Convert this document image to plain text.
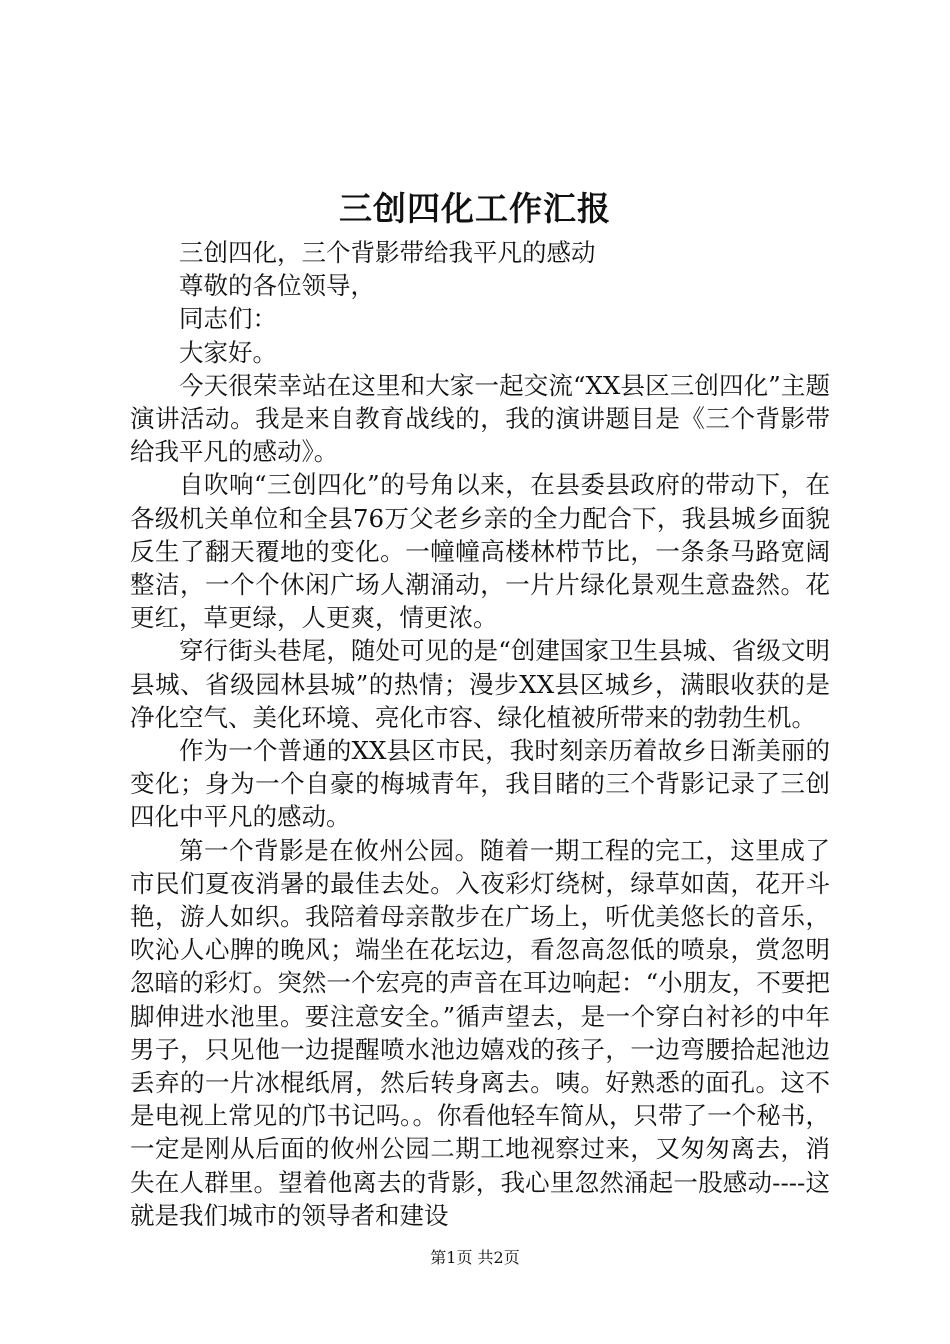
三创四化工作汇报

三创四化，三个背影带给我平凡的感动

尊敬的各位领导，

同志们：

大家好。

今天很荣幸站在这里和大家一起交流“XX县区三创四化”主题演讲活动。我是来自教育战线的，我的演讲题目是《三个背影带给我平凡的感动》。

自吹响“三创四化”的号角以来，在县委县政府的带动下，在各级机关单位和全县76万父老乡亲的全力配合下，我县城乡面貌反生了翻天覆地的变化。一幢幢高楼林栉节比，一条条马路宽阔整洁，一个个休闲广场人潮涌动，一片片绿化景观生意盎然。花更红，草更绿，人更爽，情更浓。

穿行街头巷尾，随处可见的是“创建国家卫生县城、省级文明县城、省级园林县城”的热情；漫步XX县区城乡，满眼收获的是净化空气、美化环境、亮化市容、绿化植被所带来的勃勃生机。

作为一个普通的XX县区市民，我时刻亲历着故乡日渐美丽的变化；身为一个自豪的梅城青年，我目睹的三个背影记录了三创四化中平凡的感动。

第一个背影是在攸州公园。随着一期工程的完工，这里成了市民们夏夜消暑的最佳去处。入夜彩灯绕树，绿草如茵，花开斗艳，游人如织。我陪着母亲散步在广场上，听优美悠长的音乐，吹沁人心脾的晚风；端坐在花坛边，看忽高忽低的喷泉，赏忽明忽暗的彩灯。突然一个宏亮的声音在耳边响起：“小朋友，不要把脚伸进水池里。要注意安全。”循声望去，是一个穿白衬衫的中年男子，只见他一边提醒喷水池边嬉戏的孩子，一边弯腰拾起池边丢弃的一片冰棍纸屑，然后转身离去。咦。好熟悉的面孔。这不是电视上常见的邝书记吗。。你看他轻车简从，只带了一个秘书，一定是刚从后面的攸州公园二期工地视察过来，又匆匆离去，消失在人群里。望着他离去的背影，我心里忽然涌起一股感动----这就是我们城市的领导者和建设

第1页 共2页
